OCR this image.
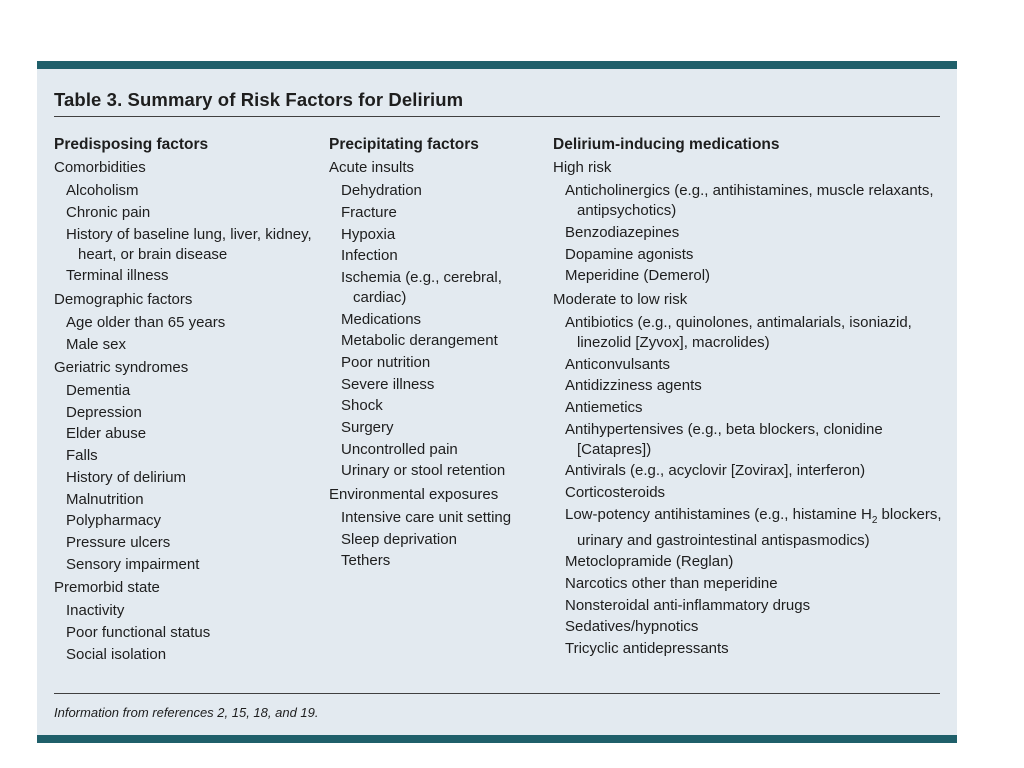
Table 3. Summary of Risk Factors for Delirium
Predisposing factors
Comorbidities
Alcoholism
Chronic pain
History of baseline lung, liver, kidney, heart, or brain disease
Terminal illness
Demographic factors
Age older than 65 years
Male sex
Geriatric syndromes
Dementia
Depression
Elder abuse
Falls
History of delirium
Malnutrition
Polypharmacy
Pressure ulcers
Sensory impairment
Premorbid state
Inactivity
Poor functional status
Social isolation
Precipitating factors
Acute insults
Dehydration
Fracture
Hypoxia
Infection
Ischemia (e.g., cerebral, cardiac)
Medications
Metabolic derangement
Poor nutrition
Severe illness
Shock
Surgery
Uncontrolled pain
Urinary or stool retention
Environmental exposures
Intensive care unit setting
Sleep deprivation
Tethers
Delirium-inducing medications
High risk
Anticholinergics (e.g., antihistamines, muscle relaxants, antipsychotics)
Benzodiazepines
Dopamine agonists
Meperidine (Demerol)
Moderate to low risk
Antibiotics (e.g., quinolones, antimalarials, isoniazid, linezolid [Zyvox], macrolides)
Anticonvulsants
Antidizziness agents
Antiemetics
Antihypertensives (e.g., beta blockers, clonidine [Catapres])
Antivirals (e.g., acyclovir [Zovirax], interferon)
Corticosteroids
Low-potency antihistamines (e.g., histamine $H_2$ blockers, urinary and gastrointestinal antispasmodics)
Metoclopramide (Reglan)
Narcotics other than meperidine
Nonsteroidal anti-inflammatory drugs
Sedatives/hypnotics
Tricyclic antidepressants
Information from references 2, 15, 18, and 19.
